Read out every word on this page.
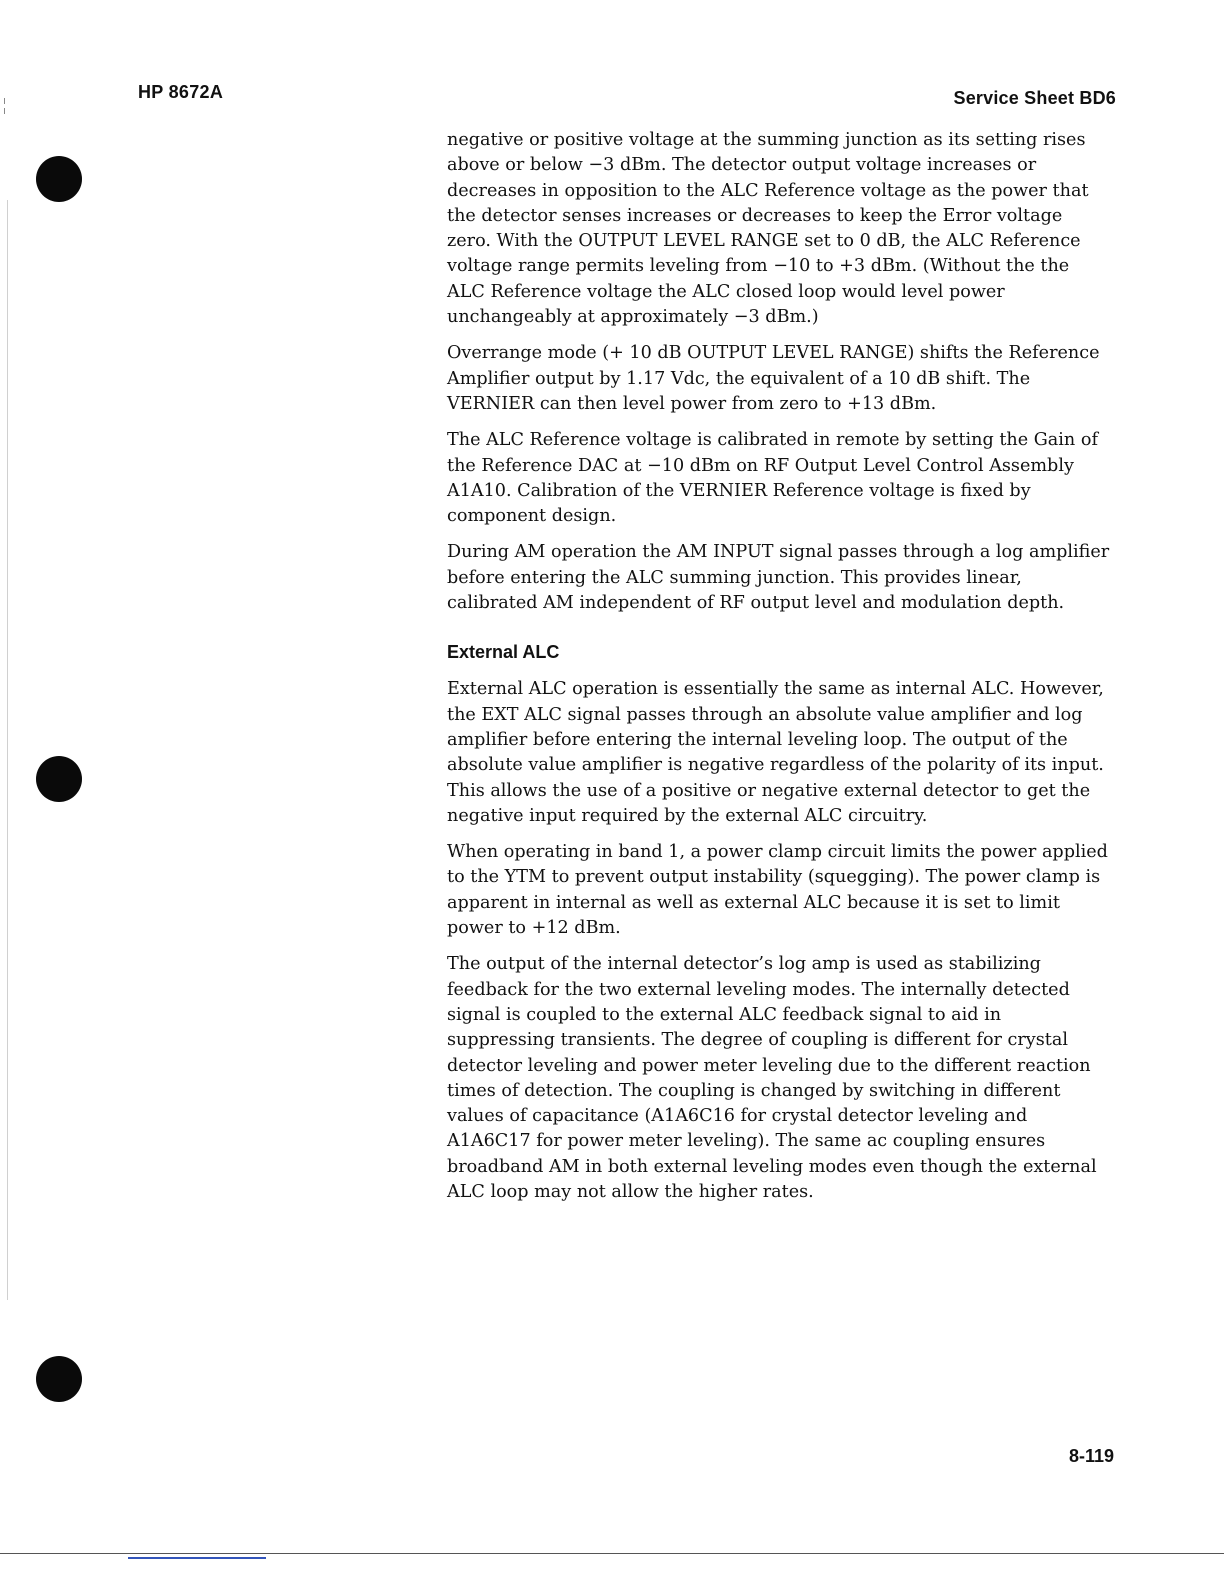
HP 8672A	Service Sheet BD6

negative or positive voltage at the summing junction as its setting rises above or below −3 dBm. The detector output voltage increases or decreases in opposition to the ALC Reference voltage as the power that the detector senses increases or decreases to keep the Error voltage zero. With the OUTPUT LEVEL RANGE set to 0 dB, the ALC Reference voltage range permits leveling from −10 to +3 dBm. (Without the the ALC Reference voltage the ALC closed loop would level power unchangeably at approximately −3 dBm.)

Overrange mode (+ 10 dB OUTPUT LEVEL RANGE) shifts the Reference Amplifier output by 1.17 Vdc, the equivalent of a 10 dB shift. The VERNIER can then level power from zero to +13 dBm.

The ALC Reference voltage is calibrated in remote by setting the Gain of the Reference DAC at −10 dBm on RF Output Level Control Assembly A1A10. Calibration of the VERNIER Reference voltage is fixed by component design.

During AM operation the AM INPUT signal passes through a log amplifier before entering the ALC summing junction. This provides linear, calibrated AM independent of RF output level and modulation depth.

External ALC

External ALC operation is essentially the same as internal ALC. However, the EXT ALC signal passes through an absolute value amplifier and log amplifier before entering the internal leveling loop. The output of the absolute value amplifier is negative regardless of the polarity of its input. This allows the use of a positive or negative external detector to get the negative input required by the external ALC circuitry.

When operating in band 1, a power clamp circuit limits the power applied to the YTM to prevent output instability (squegging). The power clamp is apparent in internal as well as external ALC because it is set to limit power to +12 dBm.

The output of the internal detector’s log amp is used as stabilizing feedback for the two external leveling modes. The internally detected signal is coupled to the external ALC feedback signal to aid in suppressing transients. The degree of coupling is different for crystal detector leveling and power meter leveling due to the different reaction times of detection. The coupling is changed by switching in different values of capacitance (A1A6C16 for crystal detector leveling and A1A6C17 for power meter leveling). The same ac coupling ensures broadband AM in both external leveling modes even though the external ALC loop may not allow the higher rates.

8-119
